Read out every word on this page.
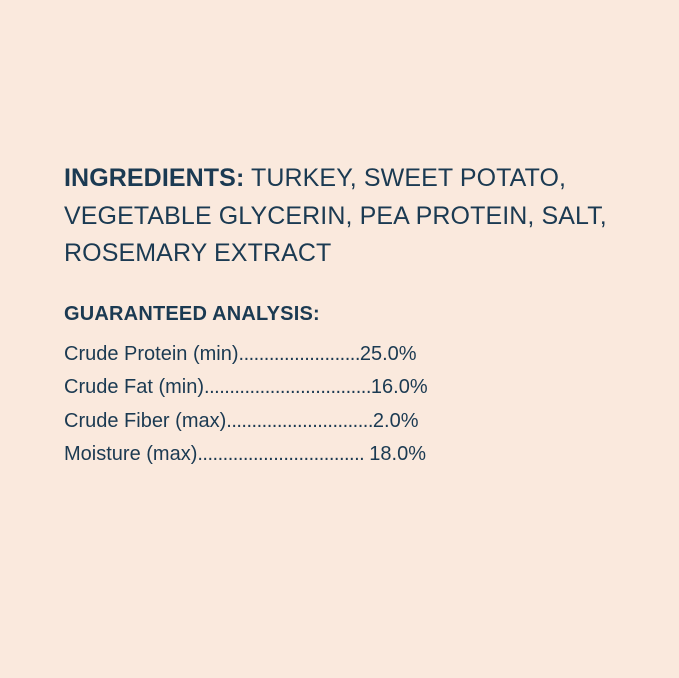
INGREDIENTS: TURKEY, SWEET POTATO, VEGETABLE GLYCERIN, PEA PROTEIN, SALT, ROSEMARY EXTRACT

GUARANTEED ANALYSIS:
Crude Protein (min)........................25.0%
Crude Fat (min).................................16.0%
Crude Fiber (max).............................2.0%
Moisture (max)................................. 18.0%
